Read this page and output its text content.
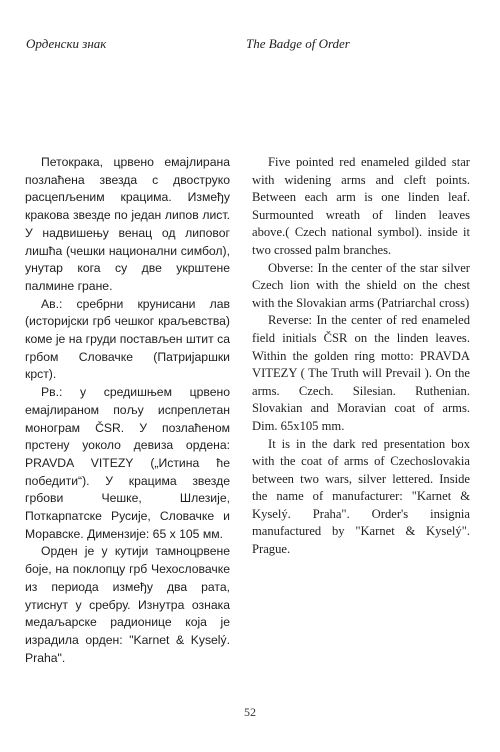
Орденски знак	The Badge of Order

Петокрака, црвено емајлирана позлаћена звезда с двоструко расцепљеним крацима. Између кракова звезде по један липов лист. У надвишењу венац од липовог лишћа (чешки национални симбол), унутар кога су две укрштене палмине гране.

Ав.: сребрни крунисани лав (историјски грб чешког краљевства) коме је на груди постављен штит са грбом Словачке (Патријаршки крст).

Рв.: у средишњем црвено емајлираном пољу испреплетан монограм ČSR. У позлаћеном прстену уоколо девиза ордена: PRAVDA VITEZY („Истина ће победити“). У крацима звезде грбови Чешке, Шлезије, Поткарпатске Русије, Словачке и Моравске. Димензије: 65 x 105 мм.

Орден је у кутији тамноцрвене боје, на поклопцу грб Чехословачке из периода између два рата, утиснут у сребру. Изнутра ознака медаљарске радионице која је израдила орден: "Karnet & Kyselý. Praha".

Five pointed red enameled gilded star with widening arms and cleft points. Between each arm is one linden leaf. Surmounted wreath of linden leaves above.( Czech national symbol). inside it two crossed palm branches.

Obverse: In the center of the star silver Czech lion with the shield on the chest with the Slovakian arms (Patriarchal cross)

Reverse: In the center of red enameled field initials ČSR on the linden leaves. Within the golden ring motto: PRAVDA VITEZY ( The Truth will Prevail ). On the arms. Czech. Silesian. Ruthenian. Slovakian and Moravian coat of arms. Dim. 65x105 mm.

It is in the dark red presentation box with the coat of arms of Czechoslovakia between two wars, silver lettered. Inside the name of manufacturer: "Karnet & Kyselý. Praha". Order's insignia manufactured by "Karnet & Kyselý". Prague.

52
